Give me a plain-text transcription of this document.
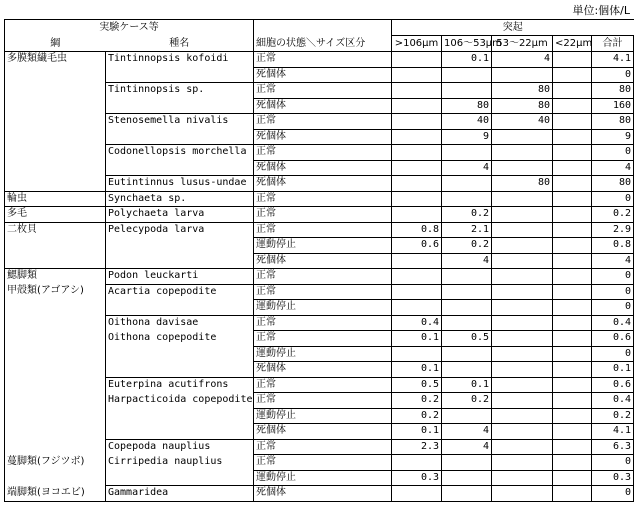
単位:個体/L
実験ケース等			突起				
綱	種名	細胞の状態＼サイズ区分	>106μm	106〜53μm	53〜22μm	<22μm	合計
多膜類繊毛虫	Tintinnopsis kofoidi	正常		0.1	4		4.1
		死個体					0
	Tintinnopsis sp.	正常			80		80
		死個体		80	80		160
	Stenosemella nivalis	正常		40	40		80
		死個体		9			9
	Codonellopsis morchella	正常					0
		死個体		4			4
	Eutintinnus lusus-undae	死個体			80		80
輪虫	Synchaeta sp.	正常					0
多毛	Polychaeta larva	正常		0.2			0.2
二枚貝	Pelecypoda larva	正常	0.8	2.1			2.9
		運動停止	0.6	0.2			0.8
		死個体		4			4
鰓脚類	Podon leuckarti	正常					0
甲殻類(アゴアシ)	Acartia copepodite	正常					0
		運動停止					0
	Oithona davisae	正常	0.4				0.4
	Oithona copepodite	正常	0.1	0.5			0.6
		運動停止					0
		死個体	0.1				0.1
	Euterpina acutifrons	正常	0.5	0.1			0.6
	Harpacticoida copepodite	正常	0.2	0.2			0.4
		運動停止	0.2				0.2
		死個体	0.1	4			4.1
	Copepoda nauplius	正常	2.3	4			6.3
蔓脚類(フジツボ)	Cirripedia nauplius	正常					0
		運動停止	0.3				0.3
端脚類(ヨコエビ)	Gammaridea	死個体					0
